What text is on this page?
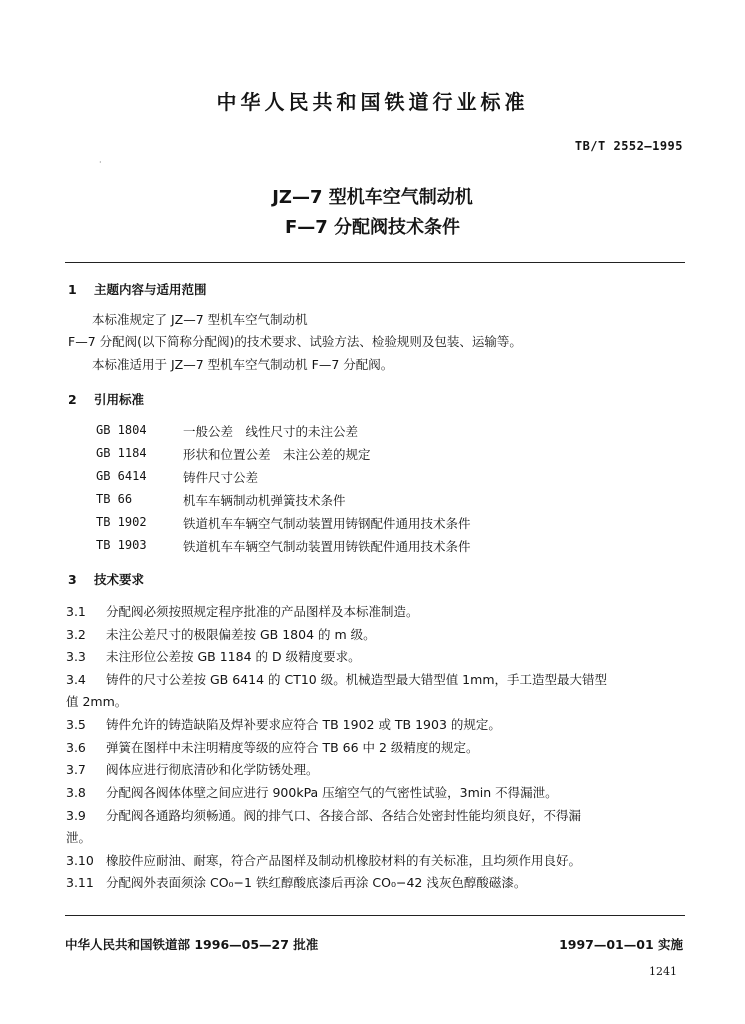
中华人民共和国铁道行业标准
·
TB/T 2552—1995
JZ—7 型机车空气制动机
F—7 分配阀技术条件
1 主题内容与适用范围
本标准规定了 JZ—7 型机车空气制动机
F—7 分配阀(以下简称分配阀)的技术要求、试验方法、检验规则及包装、运输等。
本标准适用于 JZ—7 型机车空气制动机 F—7 分配阀。
2 引用标准
GB 1804	一般公差　线性尺寸的未注公差
GB 1184	形状和位置公差　未注公差的规定
GB 6414	铸件尺寸公差
TB 66	机车车辆制动机弹簧技术条件
TB 1902	铁道机车车辆空气制动装置用铸钢配件通用技术条件
TB 1903	铁道机车车辆空气制动装置用铸铁配件通用技术条件
3 技术要求
3.1 分配阀必须按照规定程序批准的产品图样及本标准制造。
3.2 未注公差尺寸的极限偏差按 GB 1804 的 m 级。
3.3 未注形位公差按 GB 1184 的 D 级精度要求。
3.4 铸件的尺寸公差按 GB 6414 的 CT10 级。机械造型最大错型值 1mm，手工造型最大错型
值 2mm。
3.5 铸件允许的铸造缺陷及焊补要求应符合 TB 1902 或 TB 1903 的规定。
3.6 弹簧在图样中未注明精度等级的应符合 TB 66 中 2 级精度的规定。
3.7 阀体应进行彻底清砂和化学防锈处理。
3.8 分配阀各阀体体壁之间应进行 900kPa 压缩空气的气密性试验，3min 不得漏泄。
3.9 分配阀各通路均须畅通。阀的排气口、各接合部、各结合处密封性能均须良好，不得漏
泄。
3.10 橡胶件应耐油、耐寒，符合产品图样及制动机橡胶材料的有关标准，且均须作用良好。
3.11 分配阀外表面须涂 CO₀−1 铁红醇酸底漆后再涂 CO₀−42 浅灰色醇酸磁漆。
中华人民共和国铁道部 1996—05—27 批准	1997—01—01 实施
1241
